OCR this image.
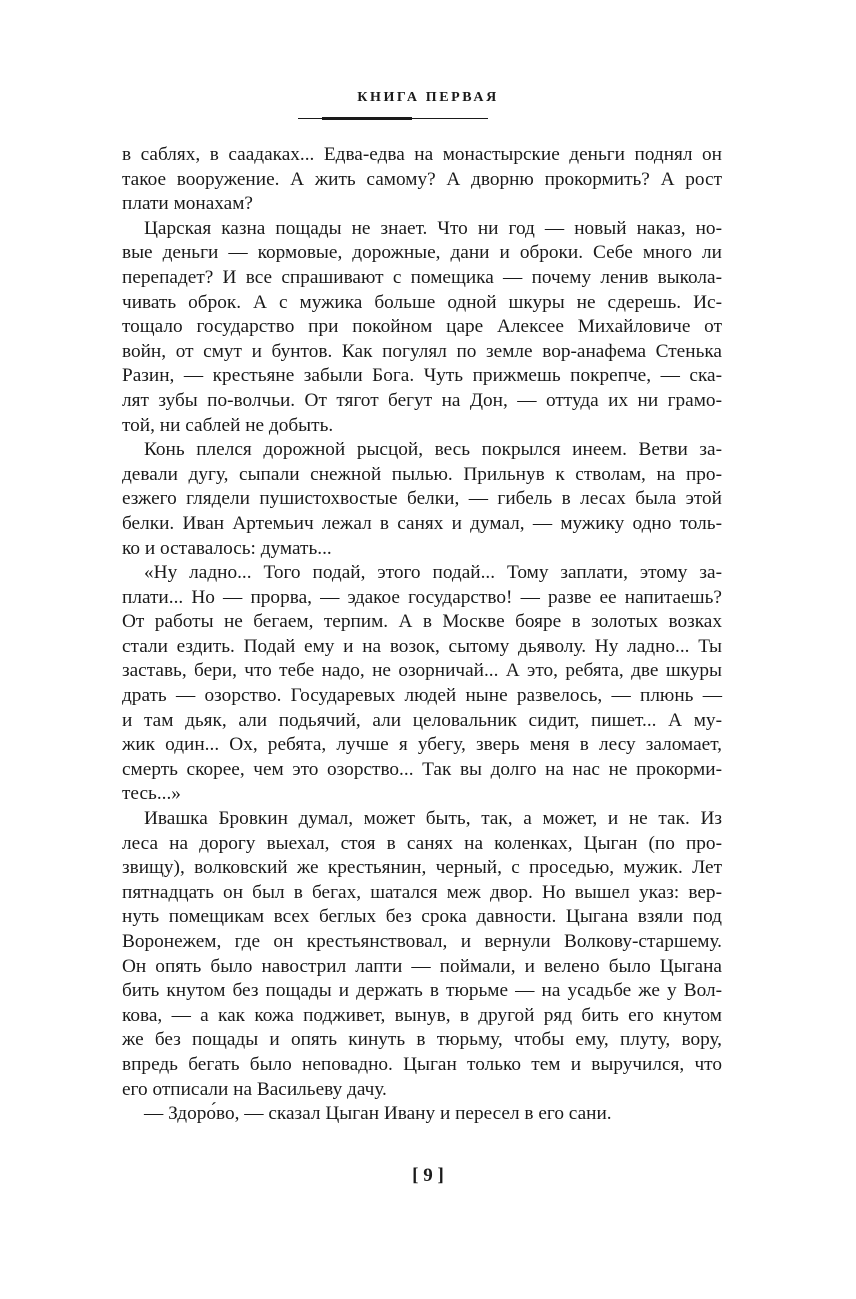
КНИГА ПЕРВАЯ
в саблях, в саадаках... Едва-едва на монастырские деньги поднял он
такое вооружение. А жить самому? А дворню прокормить? А рост
плати монахам?
Царская казна пощады не знает. Что ни год — новый наказ, но-
вые деньги — кормовые, дорожные, дани и оброки. Себе много ли
перепадет? И все спрашивают с помещика — почему ленив выкола-
чивать оброк. А с мужика больше одной шкуры не сдерешь. Ис-
тощало государство при покойном царе Алексее Михайловиче от
войн, от смут и бунтов. Как погулял по земле вор-анафема Стенька
Разин, — крестьяне забыли Бога. Чуть прижмешь покрепче, — ска-
лят зубы по-волчьи. От тягот бегут на Дон, — оттуда их ни грамо-
той, ни саблей не добыть.
Конь плелся дорожной рысцой, весь покрылся инеем. Ветви за-
девали дугу, сыпали снежной пылью. Прильнув к стволам, на про-
езжего глядели пушистохвостые белки, — гибель в лесах была этой
белки. Иван Артемьич лежал в санях и думал, — мужику одно толь-
ко и оставалось: думать...
«Ну ладно... Того подай, этого подай... Тому заплати, этому за-
плати... Но — прорва, — эдакое государство! — разве ее напитаешь?
От работы не бегаем, терпим. А в Москве бояре в золотых возках
стали ездить. Подай ему и на возок, сытому дьяволу. Ну ладно... Ты
заставь, бери, что тебе надо, не озорничай... А это, ребята, две шкуры
драть — озорство. Государевых людей ныне развелось, — плюнь —
и там дьяк, али подьячий, али целовальник сидит, пишет... А му-
жик один... Ох, ребята, лучше я убегу, зверь меня в лесу заломает,
смерть скорее, чем это озорство... Так вы долго на нас не прокорми-
тесь...»
Ивашка Бровкин думал, может быть, так, а может, и не так. Из
леса на дорогу выехал, стоя в санях на коленках, Цыган (по про-
звищу), волковский же крестьянин, черный, с проседью, мужик. Лет
пятнадцать он был в бегах, шатался меж двор. Но вышел указ: вер-
нуть помещикам всех беглых без срока давности. Цыгана взяли под
Воронежем, где он крестьянствовал, и вернули Волкову-старшему.
Он опять было навострил лапти — поймали, и велено было Цыгана
бить кнутом без пощады и держать в тюрьме — на усадьбе же у Вол-
кова, — а как кожа подживет, вынув, в другой ряд бить его кнутом
же без пощады и опять кинуть в тюрьму, чтобы ему, плуту, вору,
впредь бегать было неповадно. Цыган только тем и выручился, что
его отписали на Васильеву дачу.
— Здоро́во, — сказал Цыган Ивану и пересел в его сани.
[ 9 ]
